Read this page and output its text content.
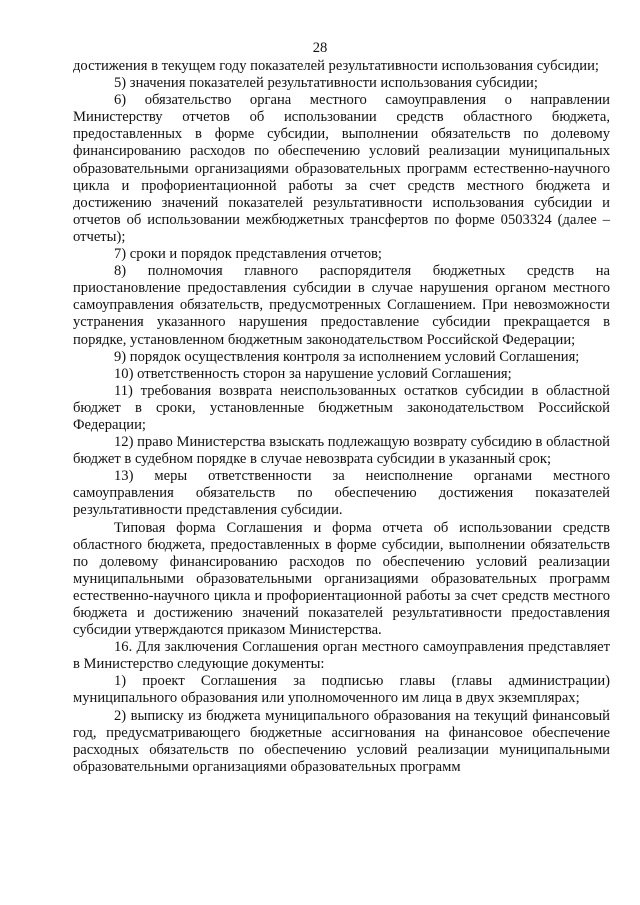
28

достижения в текущем году показателей результативности использования субсидии;

5) значения показателей результативности использования субсидии;

6) обязательство органа местного самоуправления о направлении Министерству отчетов об использовании средств областного бюджета, предоставленных в форме субсидии, выполнении обязательств по долевому финансированию расходов по обеспечению условий реализации муниципальных образовательными организациями образовательных программ естественно-научного цикла и профориентационной работы за счет средств местного бюджета и достижению значений показателей результативности использования субсидии и отчетов об использовании межбюджетных трансфертов по форме 0503324 (далее – отчеты);

7) сроки и порядок представления отчетов;

8) полномочия главного распорядителя бюджетных средств на приостановление предоставления субсидии в случае нарушения органом местного самоуправления обязательств, предусмотренных Соглашением. При невозможности устранения указанного нарушения предоставление субсидии прекращается в порядке, установленном бюджетным законодательством Российской Федерации;

9) порядок осуществления контроля за исполнением условий Соглашения;

10) ответственность сторон за нарушение условий Соглашения;

11) требования возврата неиспользованных остатков субсидии в областной бюджет в сроки, установленные бюджетным законодательством Российской Федерации;

12) право Министерства взыскать подлежащую возврату субсидию в областной бюджет в судебном порядке в случае невозврата субсидии в указанный срок;

13) меры ответственности за неисполнение органами местного самоуправления обязательств по обеспечению достижения показателей результативности представления субсидии.

Типовая форма Соглашения и форма отчета об использовании средств областного бюджета, предоставленных в форме субсидии, выполнении обязательств по долевому финансированию расходов по обеспечению условий реализации муниципальными образовательными организациями образовательных программ естественно-научного цикла и профориентационной работы за счет средств местного бюджета и достижению значений показателей результативности предоставления субсидии утверждаются приказом Министерства.

16. Для заключения Соглашения орган местного самоуправления представляет в Министерство следующие документы:

1) проект Соглашения за подписью главы (главы администрации) муниципального образования или уполномоченного им лица в двух экземплярах;

2) выписку из бюджета муниципального образования на текущий финансовый год, предусматривающего бюджетные ассигнования на финансовое обеспечение расходных обязательств по обеспечению условий реализации муниципальными образовательными организациями образовательных программ
